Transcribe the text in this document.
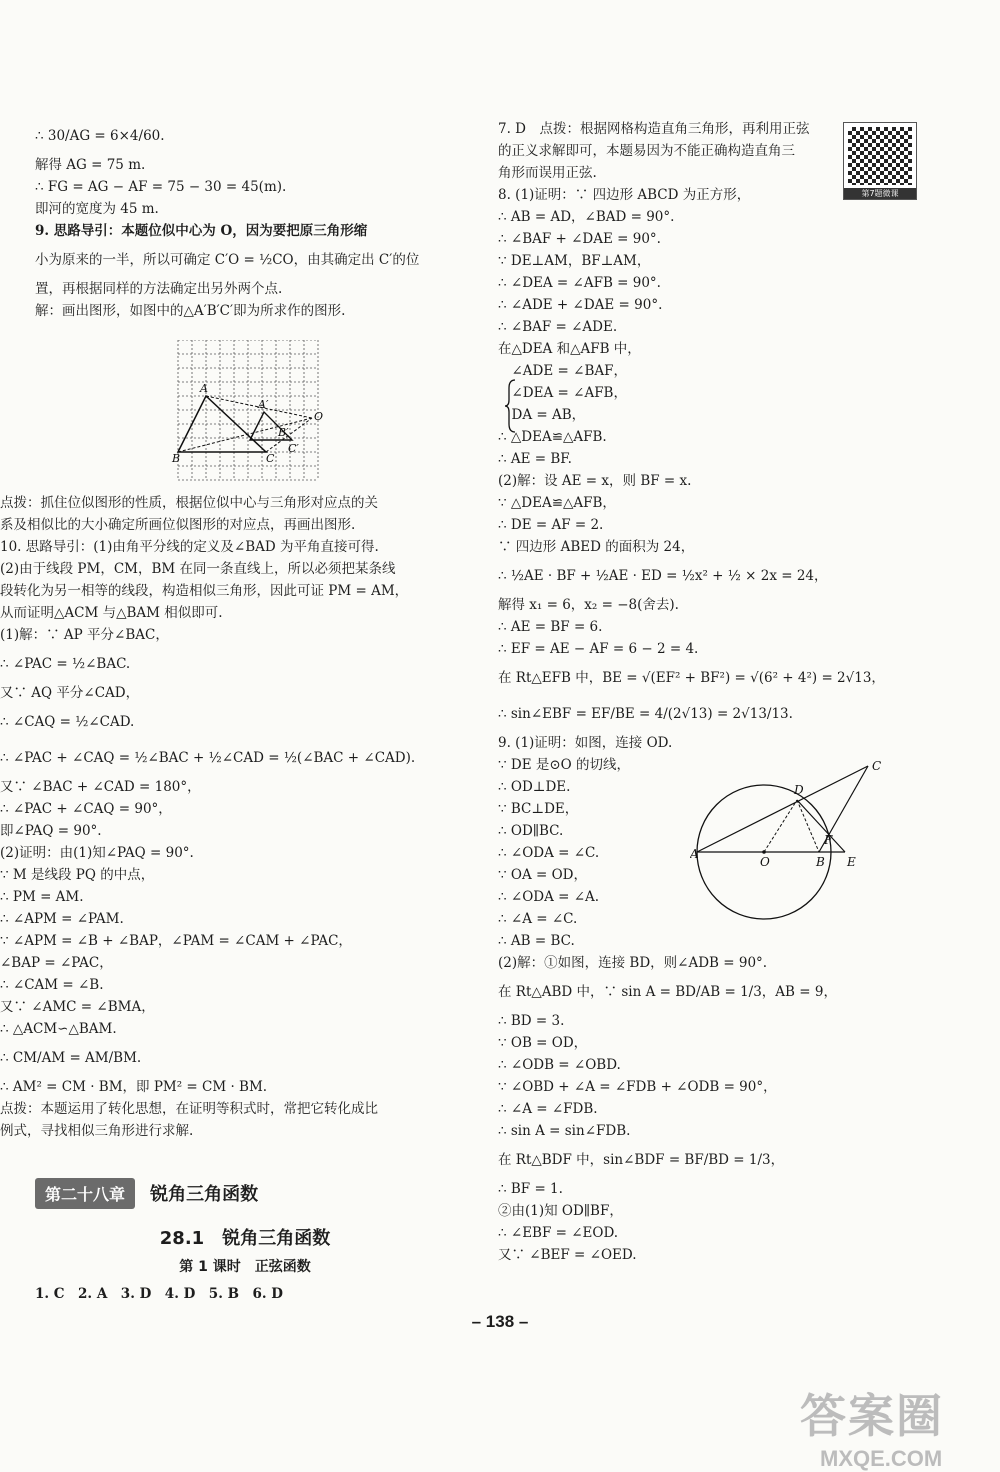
∴ 30/AG = 6×4/60.
解得 AG = 75 m.
∴ FG = AG − AF = 75 − 30 = 45(m).
即河的宽度为 45 m.
9. 思路导引：本题位似中心为 O，因为要把原三角形缩
小为原来的一半，所以可确定 C′O = ½CO，由其确定出 C′的位
置，再根据同样的方法确定出另外两个点.
解：画出图形，如图中的△A′B′C′即为所求作的图形.
A
A′
B′
C′
O
B	C
点拨：抓住位似图形的性质，根据位似中心与三角形对应点的关
系及相似比的大小确定所画位似图形的对应点，再画出图形.
10. 思路导引：(1)由角平分线的定义及∠BAD 为平角直接可得.
(2)由于线段 PM，CM，BM 在同一条直线上，所以必须把某条线
段转化为另一相等的线段，构造相似三角形，因此可证 PM = AM，
从而证明△ACM 与△BAM 相似即可.
(1)解：∵ AP 平分∠BAC，
∴ ∠PAC = ½∠BAC.
又∵ AQ 平分∠CAD，
∴ ∠CAQ = ½∠CAD.
∴ ∠PAC + ∠CAQ = ½∠BAC + ½∠CAD = ½(∠BAC + ∠CAD).
又∵ ∠BAC + ∠CAD = 180°，
∴ ∠PAC + ∠CAQ = 90°，
即∠PAQ = 90°.
(2)证明：由(1)知∠PAQ = 90°.
∵ M 是线段 PQ 的中点，
∴ PM = AM.
∴ ∠APM = ∠PAM.
∵ ∠APM = ∠B + ∠BAP，∠PAM = ∠CAM + ∠PAC，
∠BAP = ∠PAC，
∴ ∠CAM = ∠B.
又∵ ∠AMC = ∠BMA，
∴ △ACM∽△BAM.
∴ CM/AM = AM/BM.
∴ AM² = CM · BM，即 PM² = CM · BM.
点拨：本题运用了转化思想，在证明等积式时，常把它转化成比
例式，寻找相似三角形进行求解.
第二十八章 锐角三角函数
28.1　锐角三角函数
第 1 课时　正弦函数
1. C　2. A　3. D　4. D　5. B　6. D
7. D　点拨：根据网格构造直角三角形，再利用正弦
的正义求解即可，本题易因为不能正确构造直角三
角形而误用正弦.
8. (1)证明：∵ 四边形 ABCD 为正方形，
∴ AB = AD，∠BAD = 90°.
∴ ∠BAF + ∠DAE = 90°.
∵ DE⊥AM，BF⊥AM，
∴ ∠DEA = ∠AFB = 90°.
∴ ∠ADE + ∠DAE = 90°.
∴ ∠BAF = ∠ADE.
在△DEA 和△AFB 中，
　∠ADE = ∠BAF，
　∠DEA = ∠AFB，
　DA = AB，
∴ △DEA≌△AFB.
∴ AE = BF.
(2)解：设 AE = x，则 BF = x.
∵ △DEA≌△AFB，
∴ DE = AF = 2.
∵ 四边形 ABED 的面积为 24，
∴ ½AE · BF + ½AE · ED = ½x² + ½ × 2x = 24，
解得 x₁ = 6，x₂ = −8(舍去).
∴ AE = BF = 6.
∴ EF = AE − AF = 6 − 2 = 4.
在 Rt△EFB 中，BE = √(EF² + BF²) = √(6² + 4²) = 2√13，
∴ sin∠EBF = EF/BE = 4/(2√13) = 2√13/13.
9. (1)证明：如图，连接 OD.
∵ DE 是⊙O 的切线，
∴ OD⊥DE.
∵ BC⊥DE，
∴ OD∥BC.
∴ ∠ODA = ∠C.
∵ OA = OD，
∴ ∠ODA = ∠A.
∴ ∠A = ∠C.
∴ AB = BC.
(2)解：①如图，连接 BD，则∠ADB = 90°.
在 Rt△ABD 中，∵ sin A = BD/AB = 1/3，AB = 9，
∴ BD = 3.
∵ OB = OD，
∴ ∠ODB = ∠OBD.
∵ ∠OBD + ∠A = ∠FDB + ∠ODB = 90°，
∴ ∠A = ∠FDB.
∴ sin A = sin∠FDB.
在 Rt△BDF 中，sin∠BDF = BF/BD = 1/3，
∴ BF = 1.
②由(1)知 OD∥BF，
∴ ∠EBF = ∠EOD.
又∵ ∠BEF = ∠OED.
第7题微课
C
D
F
A
O	B E
– 138 –
答案圈
MXQE.COM
